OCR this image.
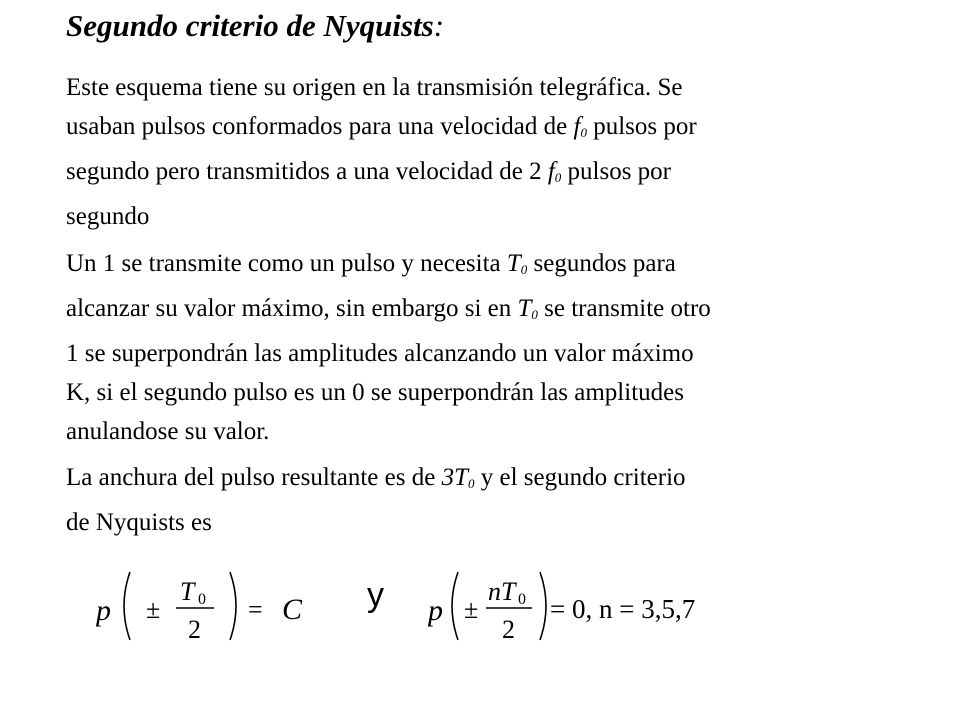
Segundo criterio de Nyquists:

Este esquema tiene su origen en la transmisión telegráfica. Se
usaban pulsos conformados para una velocidad de $f_0$ pulsos por
segundo pero transmitidos a una velocidad de 2 $f_0$ pulsos por
segundo

Un 1 se transmite como un pulso y necesita $T_0$ segundos para
alcanzar su valor máximo, sin embargo si en $T_0$ se transmite otro
1 se superpondrán las amplitudes alcanzando un valor máximo
K, si el segundo pulso es un 0 se superpondrán las amplitudes
anulandose su valor.

La anchura del pulso resultante es de $3T_0$ y el segundo criterio
de Nyquists es

p ±
T 0
2
= C y p ±
nT 0
2
= 0, n = 3,5,7
